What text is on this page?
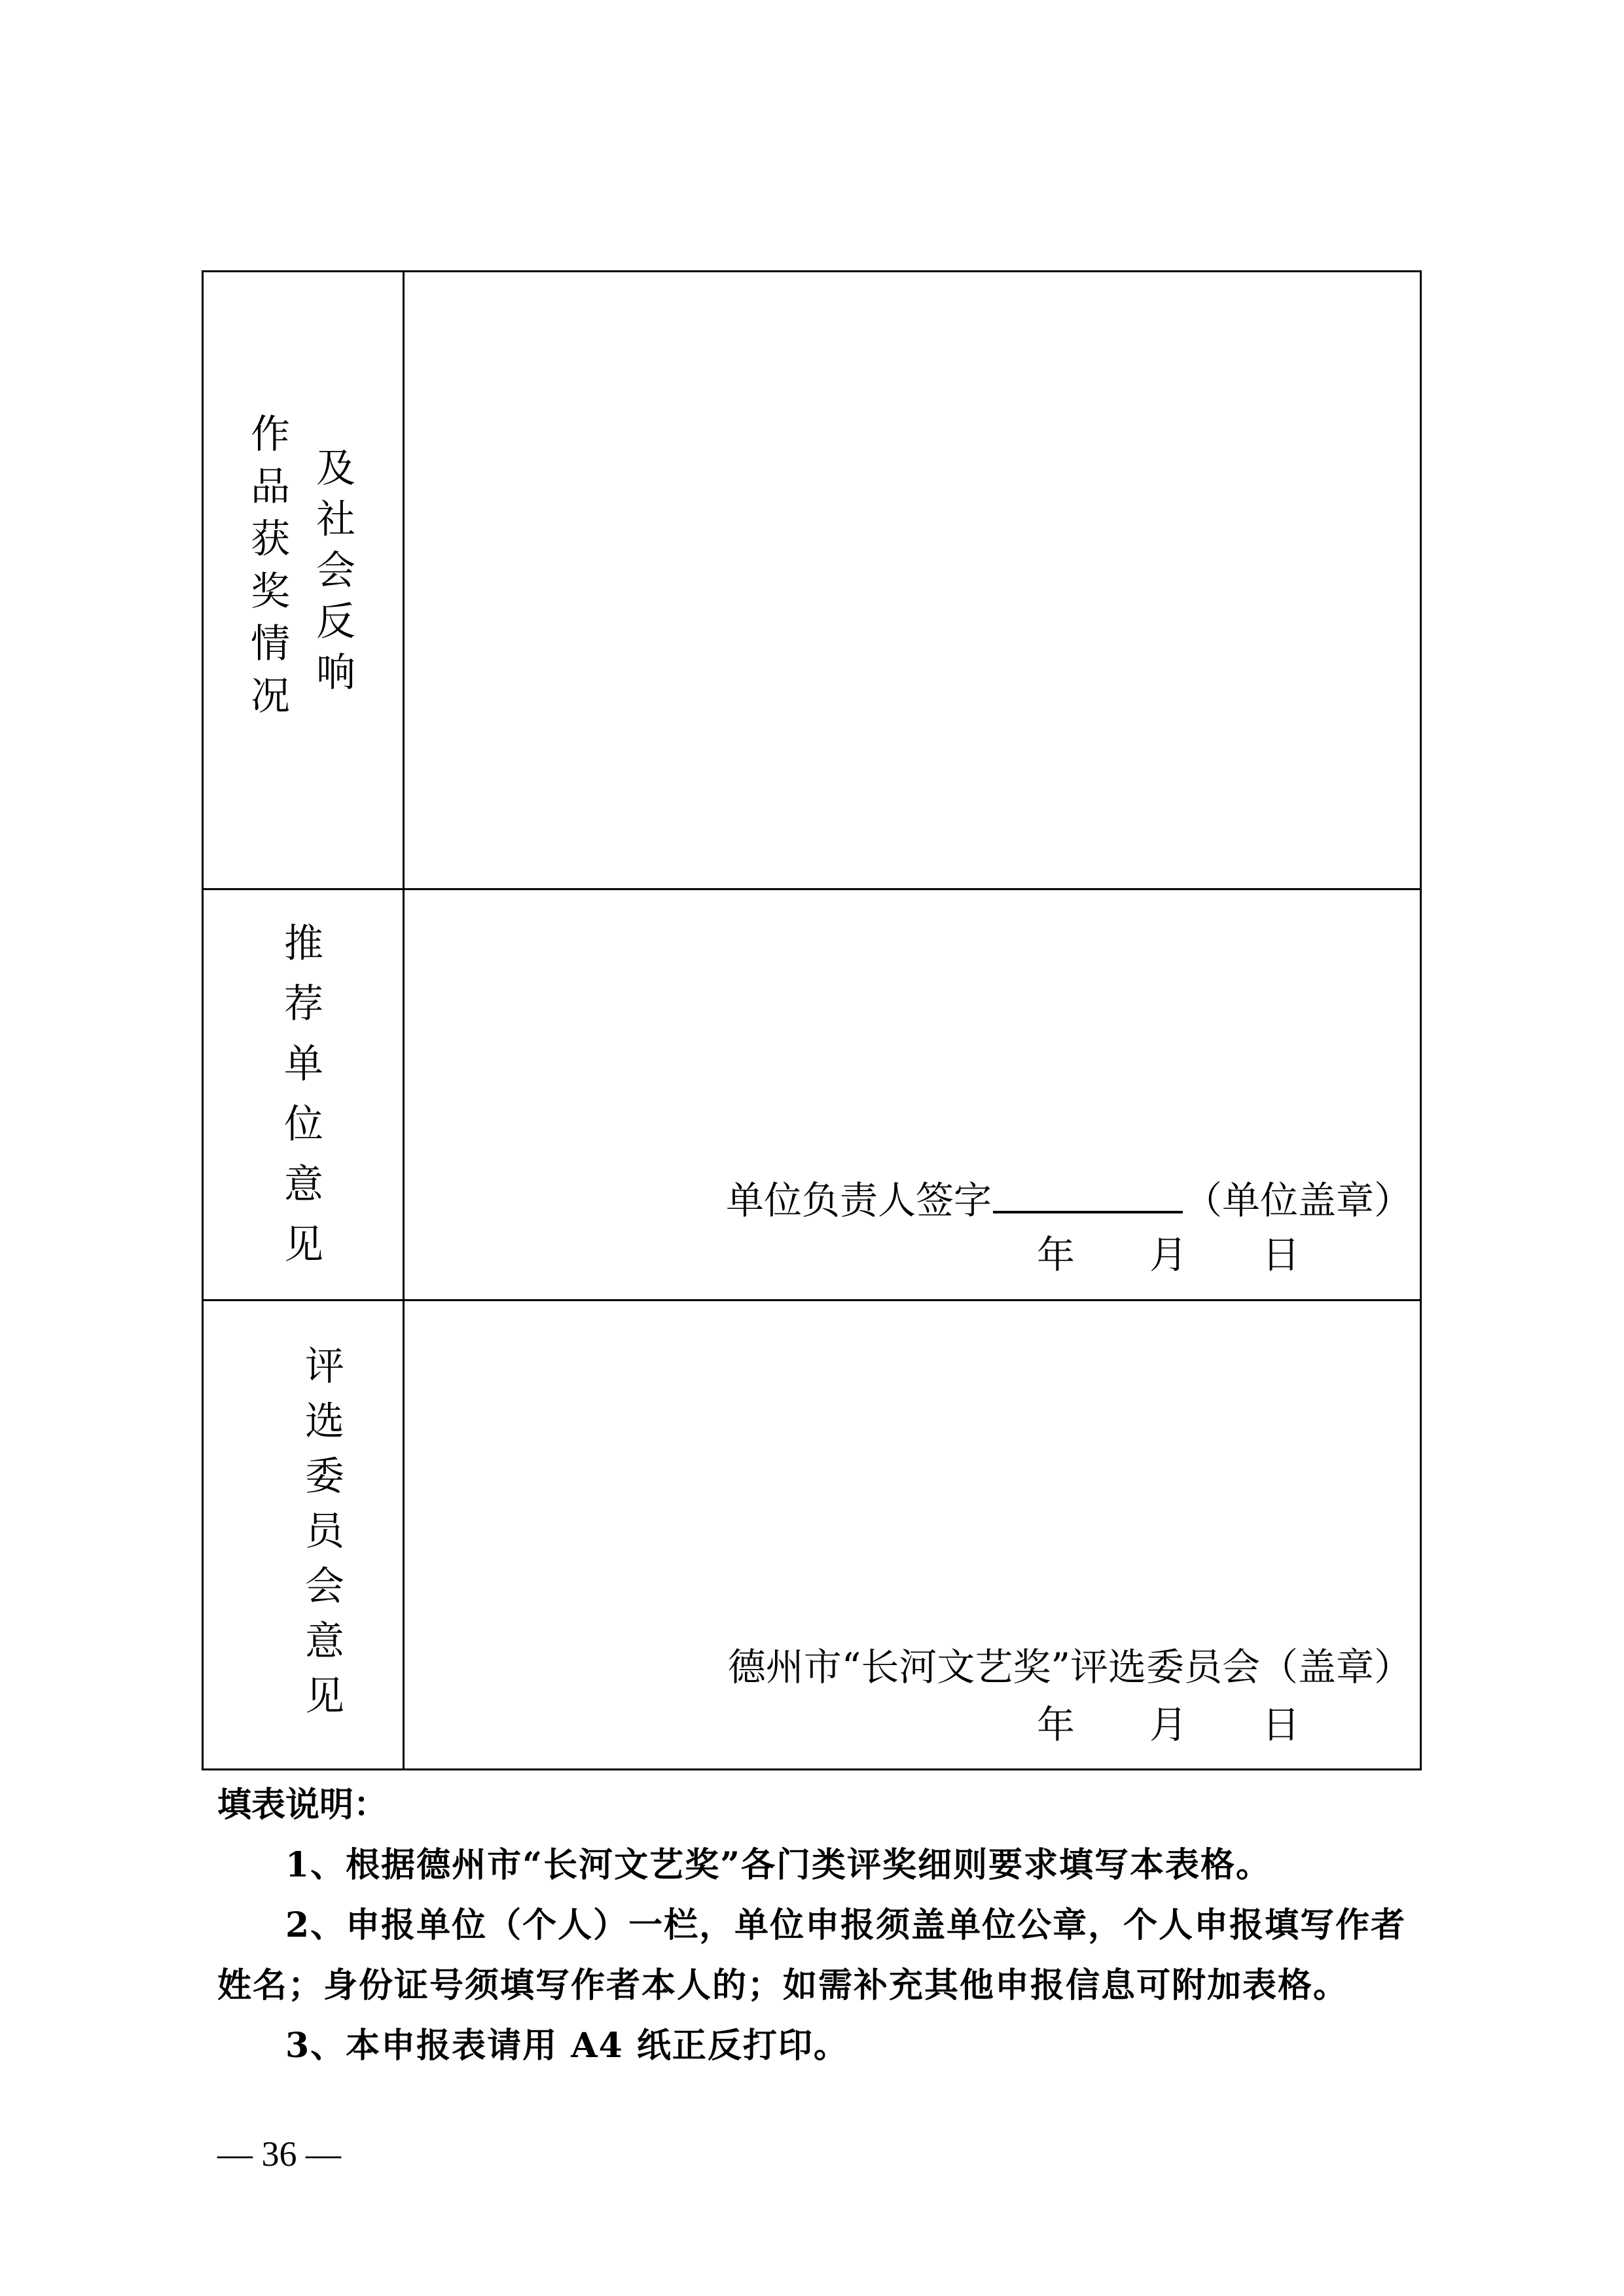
作
品
获
奖
情
况
及
社
会
反
响
推
荐
单
位
意
见
单位负责人签字	（单位盖章）
年 月 日
评
选
委
员
会
意
见
德州市“长河文艺奖”评选委员会（盖章）
年 月 日

填表说明：

1、根据德州市“长河文艺奖”各门类评奖细则要求填写本表格。

2、申报单位（个人）一栏，单位申报须盖单位公章，个人申报填写作者姓名；身份证号须填写作者本人的；如需补充其他申报信息可附加表格。

3、本申报表请用 A4 纸正反打印。

— 36 —
